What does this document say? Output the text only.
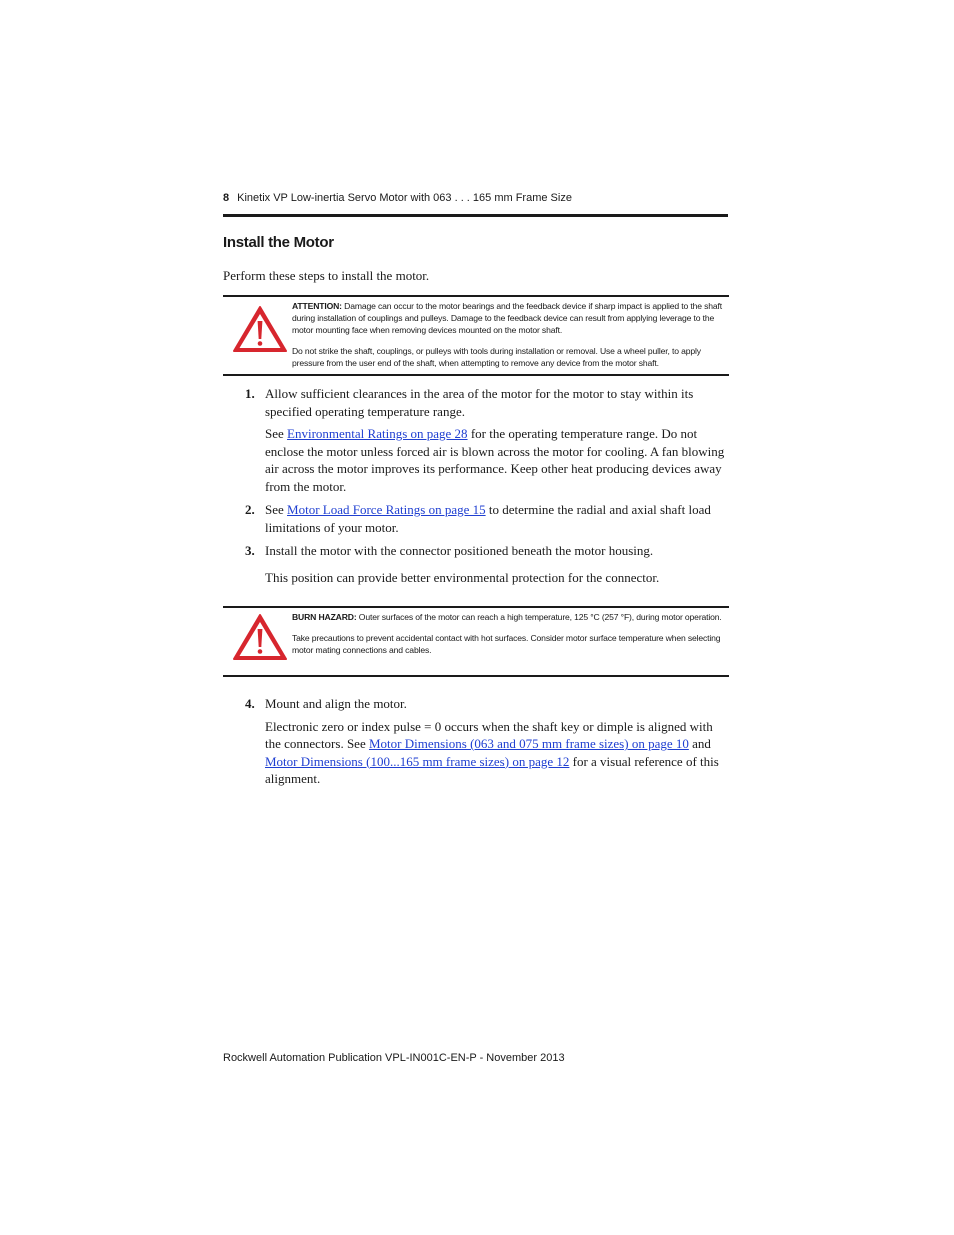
8 Kinetix VP Low-inertia Servo Motor with 063 . . . 165 mm Frame Size
Install the Motor

Perform these steps to install the motor.

ATTENTION: Damage can occur to the motor bearings and the feedback device if sharp impact is applied to the shaft during installation of couplings and pulleys. Damage to the feedback device can result from applying leverage to the motor mounting face when removing devices mounted on the motor shaft.

Do not strike the shaft, couplings, or pulleys with tools during installation or removal. Use a wheel puller, to apply pressure from the user end of the shaft, when attempting to remove any device from the motor shaft.

1. Allow sufficient clearances in the area of the motor for the motor to stay within its specified operating temperature range.

See Environmental Ratings on page 28 for the operating temperature range. Do not enclose the motor unless forced air is blown across the motor for cooling. A fan blowing air across the motor improves its performance. Keep other heat producing devices away from the motor.

2. See Motor Load Force Ratings on page 15 to determine the radial and axial shaft load limitations of your motor.

3. Install the motor with the connector positioned beneath the motor housing.

This position can provide better environmental protection for the connector.

BURN HAZARD: Outer surfaces of the motor can reach a high temperature, 125 °C (257 °F), during motor operation.

Take precautions to prevent accidental contact with hot surfaces. Consider motor surface temperature when selecting motor mating connections and cables.

4. Mount and align the motor.

Electronic zero or index pulse = 0 occurs when the shaft key or dimple is aligned with the connectors. See Motor Dimensions (063 and 075 mm frame sizes) on page 10 and Motor Dimensions (100...165 mm frame sizes) on page 12 for a visual reference of this alignment.

Rockwell Automation Publication VPL-IN001C-EN-P - November 2013
